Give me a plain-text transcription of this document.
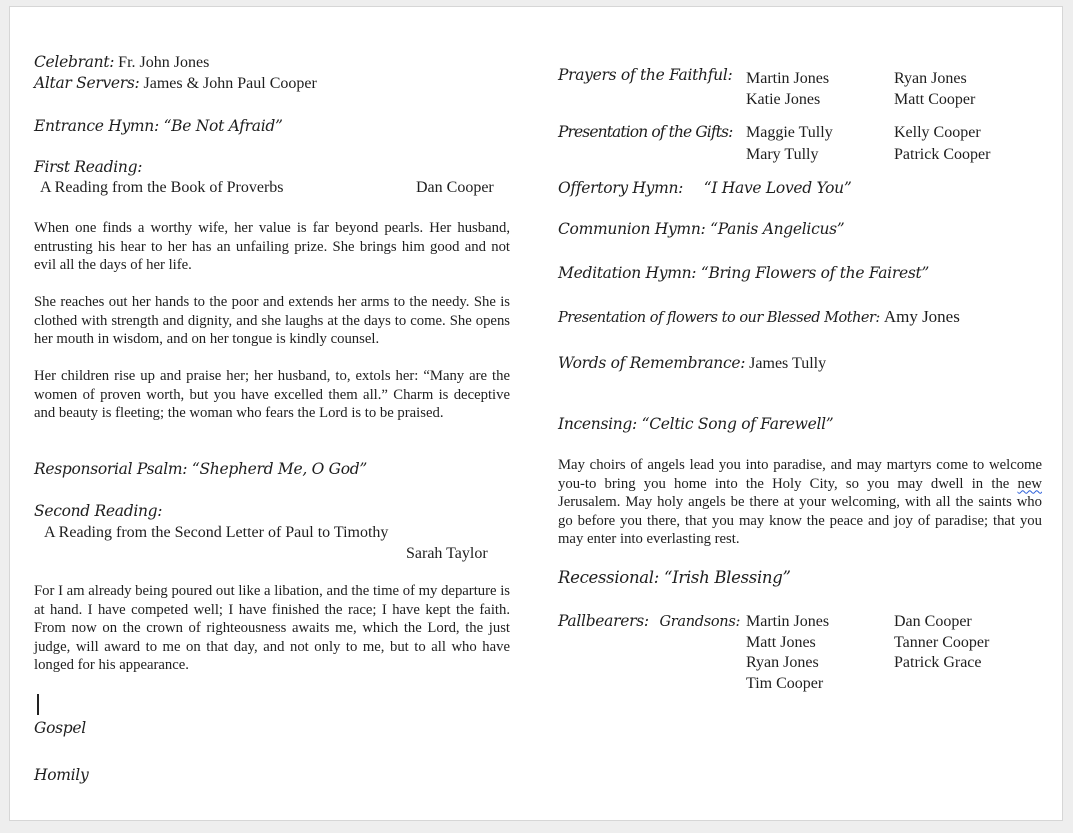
Celebrant: Fr. John Jones
Altar Servers: James & John Paul Cooper
Entrance Hymn: “Be Not Afraid”
First Reading:
A Reading from the Book of Proverbs	Dan Cooper
When one finds a worthy wife, her value is far beyond pearls. Her husband, entrusting his hear to her has an unfailing prize. She brings him good and not evil all the days of her life.
She reaches out her hands to the poor and extends her arms to the needy. She is clothed with strength and dignity, and she laughs at the days to come. She opens her mouth in wisdom, and on her tongue is kindly counsel.
Her children rise up and praise her; her husband, to, extols her: “Many are the women of proven worth, but you have excelled them all.” Charm is deceptive and beauty is fleeting; the woman who fears the Lord is to be praised.
Responsorial Psalm: “Shepherd Me, O God”
Second Reading:
A Reading from the Second Letter of Paul to Timothy
Sarah Taylor
For I am already being poured out like a libation, and the time of my departure is at hand. I have competed well; I have finished the race; I have kept the faith. From now on the crown of righteousness awaits me, which the Lord, the just judge, will award to me on that day, and not only to me, but to all who have longed for his appearance.
Gospel
Homily
Prayers of the Faithful: Martin Jones
Katie Jones
Ryan Jones
Matt Cooper
Presentation of the Gifts: Maggie Tully
Mary Tully
Kelly Cooper
Patrick Cooper
Offertory Hymn: “I Have Loved You”
Communion Hymn: “Panis Angelicus”
Meditation Hymn: “Bring Flowers of the Fairest”
Presentation of flowers to our Blessed Mother: Amy Jones
Words of Remembrance: James Tully
Incensing: “Celtic Song of Farewell”
May choirs of angels lead you into paradise, and may martyrs come to welcome you-to bring you home into the Holy City, so you may dwell in the new Jerusalem. May holy angels be there at your welcoming, with all the saints who go before you there, that you may know the peace and joy of paradise; that you may enter into everlasting rest.
Recessional: “Irish Blessing”
Pallbearers: Grandsons: Martin Jones
Matt Jones
Ryan Jones
Tim Cooper
Dan Cooper
Tanner Cooper
Patrick Grace
